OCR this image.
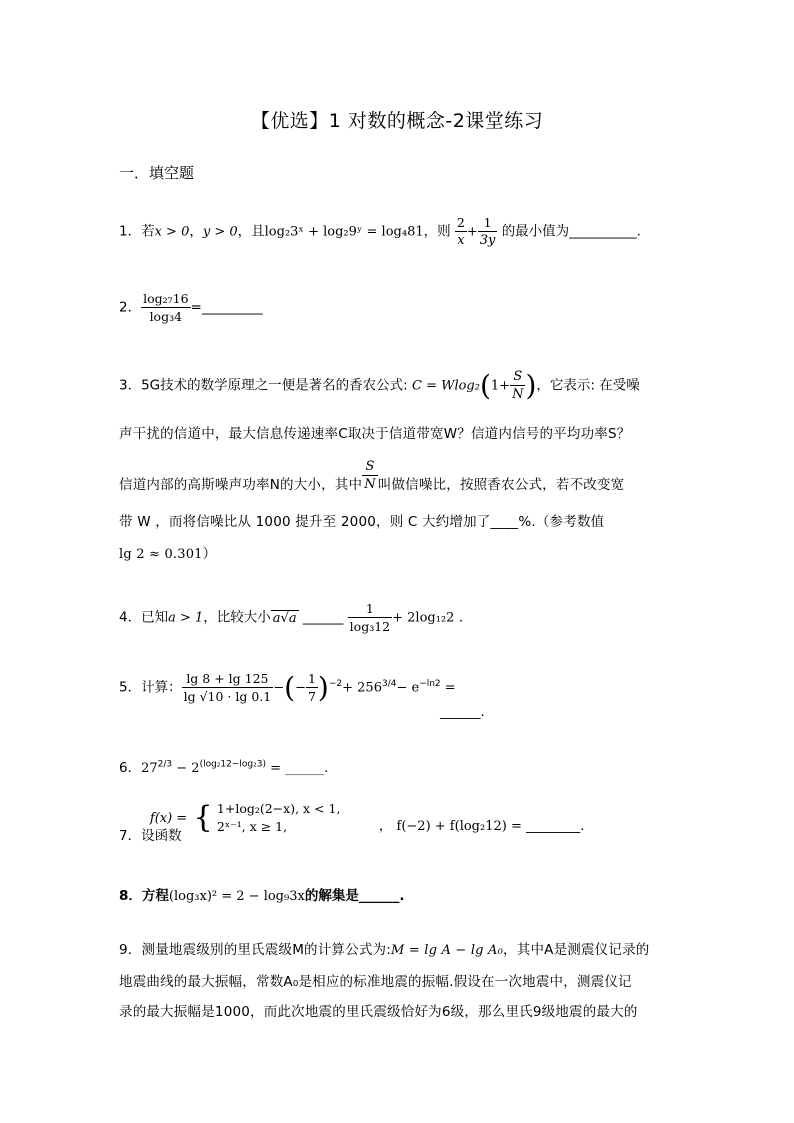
【优选】1 对数的概念-2课堂练习
一．填空题
1．若x > 0，y > 0，且log₂3ˣ + log₂9ʸ = log₄81，则 $\frac{2}{x} + \frac{1}{3y}$ 的最小值为__________.
2． $\frac{\text{log₂₇16}}{\text{log₃4}}$ =_________
3．5G技术的数学原理之一便是著名的香农公式: $C = Wlog_2(1+ \frac{S}{N}$ )，它表示: 在受噪
声干扰的信道中，最大信息传递速率C取决于信道带宽W？信道内信号的平均功率S？
信道内部的高斯噪声功率N的大小，其中 $\frac{S}{N}$ 叫做信噪比，按照香农公式，若不改变宽
带 W ，而将信噪比从 1000 提升至 2000，则 C 大约增加了____%.（参考数值
lg 2 ≈ 0.301）
4．已知a > 1，比较大小 a√a ______ $\frac{1}{\text{log₃12}} + 2\log_{12}2$ .
5．计算： $\frac{\lg 8 + \lg 125}{\lg √10 \cdot \lg 0.1}$ −(− $\frac{1}{7} )^{-2}+ 256^{3/4}- e^{-ln2}$ =
______.
6．$27^{2/3} - 2^{(log_212-log_23)}$ = ______.
7．设函数 f(x) = { 1+log₂(2−x), x < 1,
2ˣ⁻¹, x ≥ 1,	， f(−2) + f(log₂12) = ________.
8．方程(log₃x)² = 2 − log₉3x的解集是______.
9．测量地震级别的里氏震级M的计算公式为:M = lg A − lg A₀，其中A是测震仪记录的
地震曲线的最大振幅，常数A₀是相应的标准地震的振幅.假设在一次地震中，测震仪记
录的最大振幅是1000，而此次地震的里氏震级恰好为6级，那么里氏9级地震的最大的
